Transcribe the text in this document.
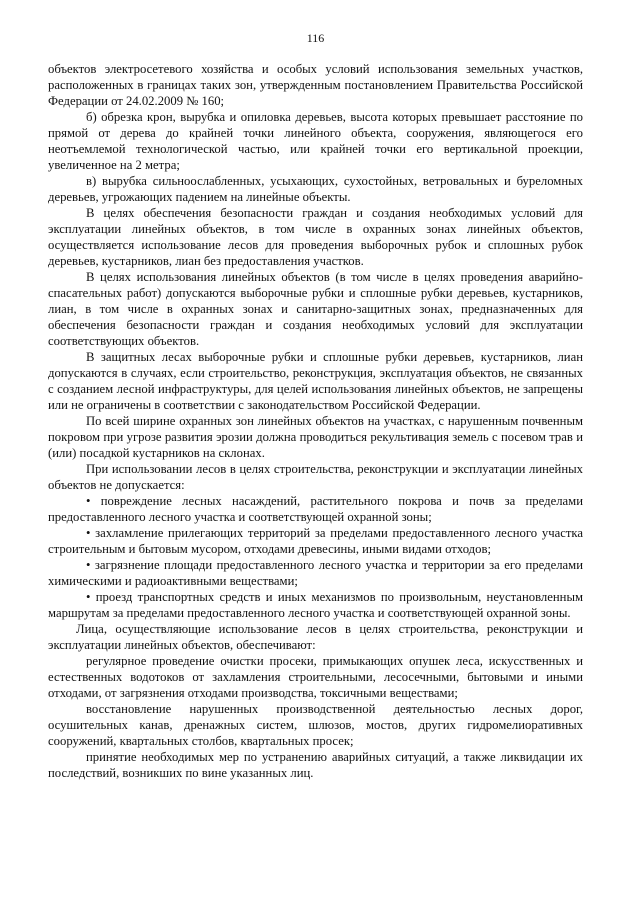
116

объектов электросетевого хозяйства и особых условий использования земельных участков, расположенных в границах таких зон, утвержденным постановлением Правительства Российской Федерации от 24.02.2009 № 160;

б) обрезка крон, вырубка и опиловка деревьев, высота которых превышает расстояние по прямой от дерева до крайней точки линейного объекта, сооружения, являющегося его неотъемлемой технологической частью, или крайней точки его вертикальной проекции, увеличенное на 2 метра;

в) вырубка сильноослабленных, усыхающих, сухостойных, ветровальных и буреломных деревьев, угрожающих падением на линейные объекты.

В целях обеспечения безопасности граждан и создания необходимых условий для эксплуатации линейных объектов, в том числе в охранных зонах линейных объектов, осуществляется использование лесов для проведения выборочных рубок и сплошных рубок деревьев, кустарников, лиан без предоставления участков.

В целях использования линейных объектов (в том числе в целях проведения аварийно-спасательных работ) допускаются выборочные рубки и сплошные рубки деревьев, кустарников, лиан, в том числе в охранных зонах и санитарно-защитных зонах, предназначенных для обеспечения безопасности граждан и создания необходимых условий для эксплуатации соответствующих объектов.

В защитных лесах выборочные рубки и сплошные рубки деревьев, кустарников, лиан допускаются в случаях, если строительство, реконструкция, эксплуатация объектов, не связанных с созданием лесной инфраструктуры, для целей использования линейных объектов, не запрещены или не ограничены в соответствии с законодательством Российской Федерации.

По всей ширине охранных зон линейных объектов на участках, с нарушенным почвенным покровом при угрозе развития эрозии должна проводиться рекультивация земель с посевом трав и (или) посадкой кустарников на склонах.

При использовании лесов в целях строительства, реконструкции и эксплуатации линейных объектов не допускается:

• повреждение лесных насаждений, растительного покрова и почв за пределами предоставленного лесного участка и соответствующей охранной зоны;

• захламление прилегающих территорий за пределами предоставленного лесного участка строительным и бытовым мусором, отходами древесины, иными видами отходов;

• загрязнение площади предоставленного лесного участка и территории за его пределами химическими и радиоактивными веществами;

• проезд транспортных средств и иных механизмов по произвольным, неустановленным маршрутам за пределами предоставленного лесного участка и соответствующей охранной зоны.

Лица, осуществляющие использование лесов в целях строительства, реконструкции и эксплуатации линейных объектов, обеспечивают:

регулярное проведение очистки просеки, примыкающих опушек леса, искусственных и естественных водотоков от захламления строительными, лесосечными, бытовыми и иными отходами, от загрязнения отходами производства, токсичными веществами;

восстановление нарушенных производственной деятельностью лесных дорог, осушительных канав, дренажных систем, шлюзов, мостов, других гидромелиоративных сооружений, квартальных столбов, квартальных просек;

принятие необходимых мер по устранению аварийных ситуаций, а также ликвидации их последствий, возникших по вине указанных лиц.
